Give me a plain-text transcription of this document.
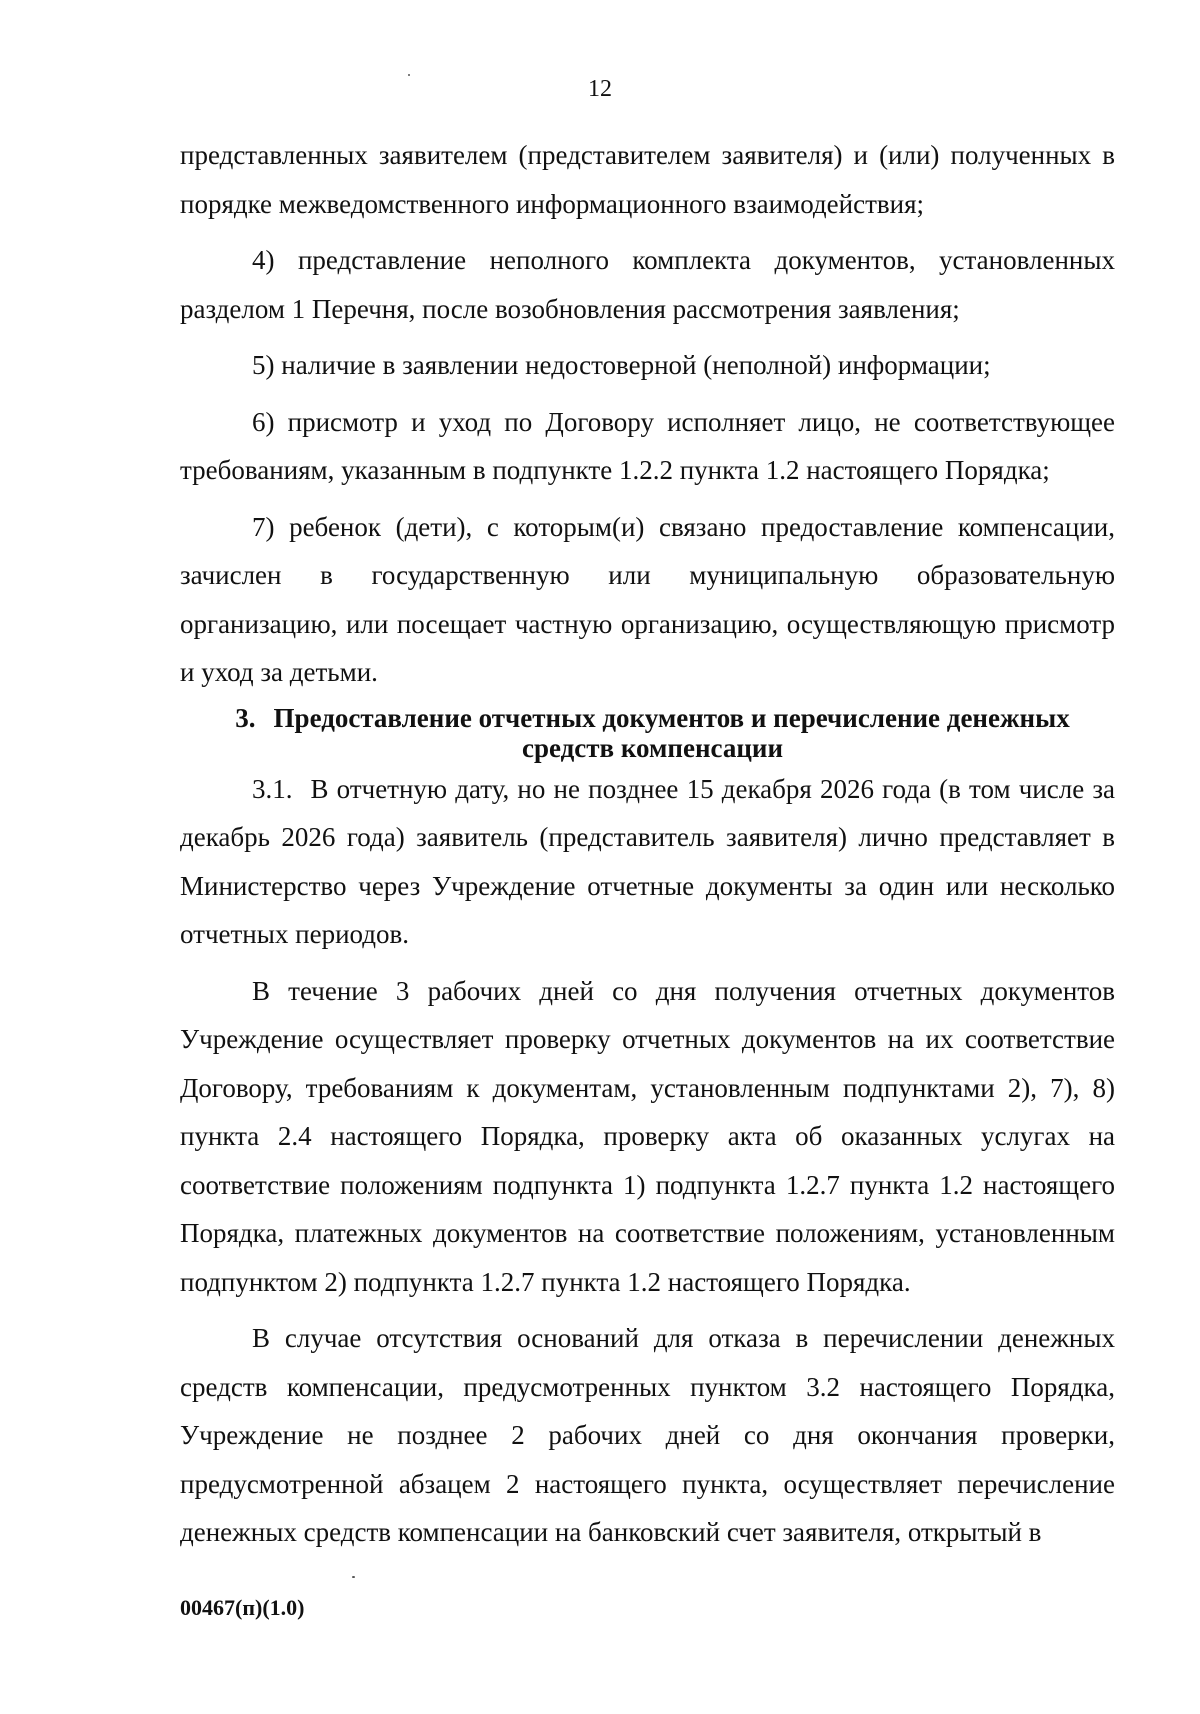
12

представленных заявителем (представителем заявителя) и (или) полученных в порядке межведомственного информационного взаимодействия;

4) представление неполного комплекта документов, установленных разделом 1 Перечня, после возобновления рассмотрения заявления;

5) наличие в заявлении недостоверной (неполной) информации;

6) присмотр и уход по Договору исполняет лицо, не соответствующее требованиям, указанным в подпункте 1.2.2 пункта 1.2 настоящего Порядка;

7) ребенок (дети), с которым(и) связано предоставление компенсации, зачислен в государственную или муниципальную образовательную организацию, или посещает частную организацию, осуществляющую присмотр и уход за детьми.

3. Предоставление отчетных документов и перечисление денежных средств компенсации

3.1. В отчетную дату, но не позднее 15 декабря 2026 года (в том числе за декабрь 2026 года) заявитель (представитель заявителя) лично представляет в Министерство через Учреждение отчетные документы за один или несколько отчетных периодов.

В течение 3 рабочих дней со дня получения отчетных документов Учреждение осуществляет проверку отчетных документов на их соответствие Договору, требованиям к документам, установленным подпунктами 2), 7), 8) пункта 2.4 настоящего Порядка, проверку акта об оказанных услугах на соответствие положениям подпункта 1) подпункта 1.2.7 пункта 1.2 настоящего Порядка, платежных документов на соответствие положениям, установленным подпунктом 2) подпункта 1.2.7 пункта 1.2 настоящего Порядка.

В случае отсутствия оснований для отказа в перечислении денежных средств компенсации, предусмотренных пунктом 3.2 настоящего Порядка, Учреждение не позднее 2 рабочих дней со дня окончания проверки, предусмотренной абзацем 2 настоящего пункта, осуществляет перечисление денежных средств компенсации на банковский счет заявителя, открытый в

00467(п)(1.0)
